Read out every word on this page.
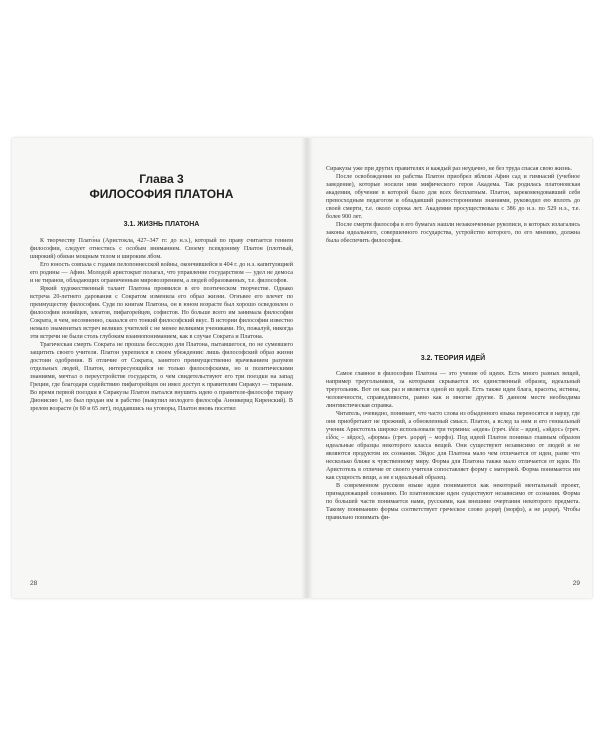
Глава 3
ФИЛОСОФИЯ ПЛАТОНА
3.1. ЖИЗНЬ ПЛАТОНА

К творчеству Плато́на (Аристокла, 427–347 гг. до н.э.), который по праву считается гением философии, следует отнестись с особым вниманием. Своему псевдониму Платон (плотный, широкий) обязан мощным телом и широким лбом.

Его юность совпала с годами пелопоннесской войны, окончившейся в 404 г. до н.э. капитуляцией его родины — Афин. Молодой аристократ полагал, что управление государством — удел не демоса и не тиранов, обладающих ограниченным мировоззрением, а людей образованных, т.е. философов.

Яркий художественный талант Платона проявился в его поэтическом творчестве. Однако встреча 20-летнего дарования с Сократом изменила его образ жизни. Огнъвее его влечет по преимуществу философия. Судя по книгам Платона, он в юном возрасте был хорошо осведомлен о философии ионийцев, элеатов, пифагорейцев, софистов. Но больше всего им занимала философия Сократа, в чем, несомненно, сказался его тонкий философский вкус. В истории философии известно немало знаменитых встреч великих учителей с не менее великими учениками. Но, пожалуй, никогда эти встречи не были столь глубоким взаимопониманием, как в случае Сократа и Платона.

Трагическая смерть Сократа не прошла бесследно для Платона, пытавшегося, по не сумевшего защитить своего учителя. Платон укрепился в своем убеждении: лишь философский образ жизни достоин одобрения. В отличие от Сократа, занятого преимущественно врачеванием разумов отдельных людей, Платон, интересующийся не только философскими, но и политическими знаниями, мечтал о переустройстве государств, о чем свидетельствуют его три поездки на запад Греции, где благодаря содействию пифагорейцев он имел доступ к правителям Сиракуз — тиранам. Во время первой поездки в Сиракузы Платон пытался внушить идею о правителе-философе тирану Дионисию I, но был продан им в рабство (выкупил молодого философа Анникерид Киренский). В зрелом возрасте (в 60 и 65 лет), поддавшись на уговоры, Платон вновь посетил

28

Сиракузы уже при других правителях и каждый раз неудачно, не без труда спасая свою жизнь.

После освобождения из рабства Платон приобрел вблизи Афин сад и гимнасий (учебное заведение), которые носили имя мифического героя Академа. Так родилась платоновская академия, обучение в которой было для всех бесплатным. Платон, зарекомендовавший себя превосходным педагогом и обладавший разносторонними знаниями, руководил ею вплоть до своей смерти, т.е. около сорока лет. Академия просуществовала с 386 до н.э. по 529 н.э., т.е. более 900 лет.

После смерти философа в его бумагах нашли незаконченные рукописи, в которых излагались законы идеального, совершенного государства, устройство которого, по его мнению, должна была обеспечить философия.

3.2. ТЕОРИЯ ИДЕЙ

Самое главное в философии Платона — это учение об идеях. Есть много разных вещей, например треугольников, за которыми скрывается их единственный образец, идеальный треугольник. Вот он как раз и является одной из идей. Есть также идеи блага, красоты, истины, человечности, справедливости, равно как и многие другие. В данном месте необходима лингвистическая справка.

Читатель, очевидно, понимает, что часто слова из обыденного языка переносятся в науку, где они приобретают не прежний, а обновленный смысл. Платон, а вслед за ним и его гениальный ученик Аристотель широко использовали три термина: «идея» (греч. ἰδέα – идея), «эйдос» (греч. εἶδος – эйдос), «форма» (греч. μορφή – морфэ). Под идеей Платон понимал главным образом идеальные образцы некоторого класса вещей. Они существуют независимо от людей и не являются продуктом их сознания. Эйдос для Платона мало чем отличается от идеи, разве что несколько ближе к чувственному миру. Форма для Платона также мало отличается от идеи. Но Аристотель в отличие от своего учителя сопоставляет форму с материей. Форма понимается им как сущность вещи, а не е идеальный образец.

В современном русском языке идеи понимаются как некоторый ментальный проект, принадлежащий сознанию. По платоновские идеи существуют независимо от сознания. Форма по большей части понимается нами, русскими, как внешние очертания некоторого предмета. Такому пониманию формы соответствует греческое слово μορφή (морфэ), а не μορφή. Чтобы правильно понимать фи-

29
